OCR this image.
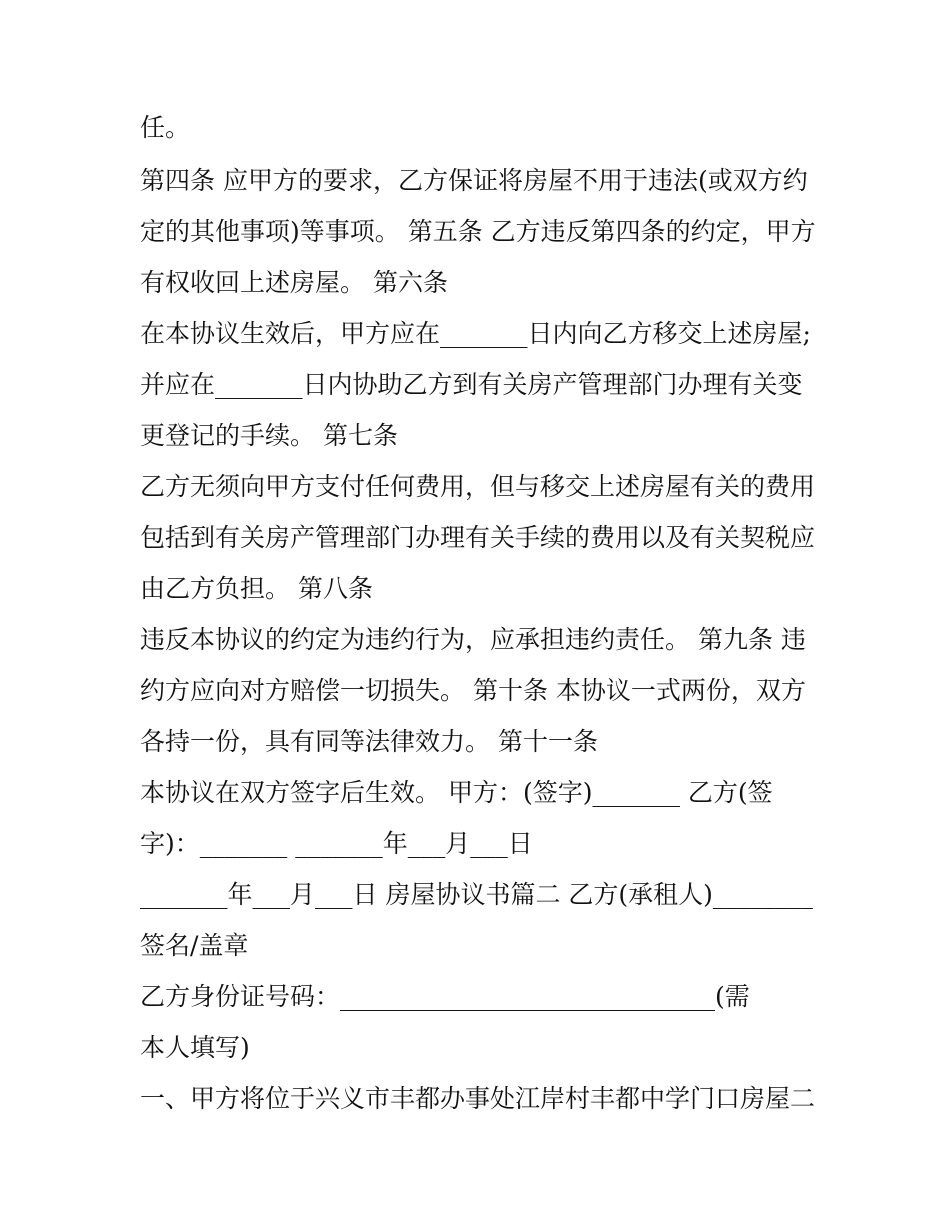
任。
第四条 应甲方的要求，乙方保证将房屋不用于违法(或双方约
定的其他事项)等事项。 第五条 乙方违反第四条的约定，甲方
有权收回上述房屋。 第六条
在本协议生效后，甲方应在_______日内向乙方移交上述房屋;
并应在_______日内协助乙方到有关房产管理部门办理有关变
更登记的手续。 第七条
乙方无须向甲方支付任何费用，但与移交上述房屋有关的费用
包括到有关房产管理部门办理有关手续的费用以及有关契税应
由乙方负担。 第八条
违反本协议的约定为违约行为，应承担违约责任。 第九条 违
约方应向对方赔偿一切损失。 第十条 本协议一式两份，双方
各持一份，具有同等法律效力。 第十一条
本协议在双方签字后生效。 甲方：(签字)_______ 乙方(签
字)：_______ _______年___月___日
_______年___月___日 房屋协议书篇二 乙方(承租人)________
签名/盖章
乙方身份证号码：______________________________(需
本人填写)
一、甲方将位于兴义市丰都办事处江岸村丰都中学门口房屋二
